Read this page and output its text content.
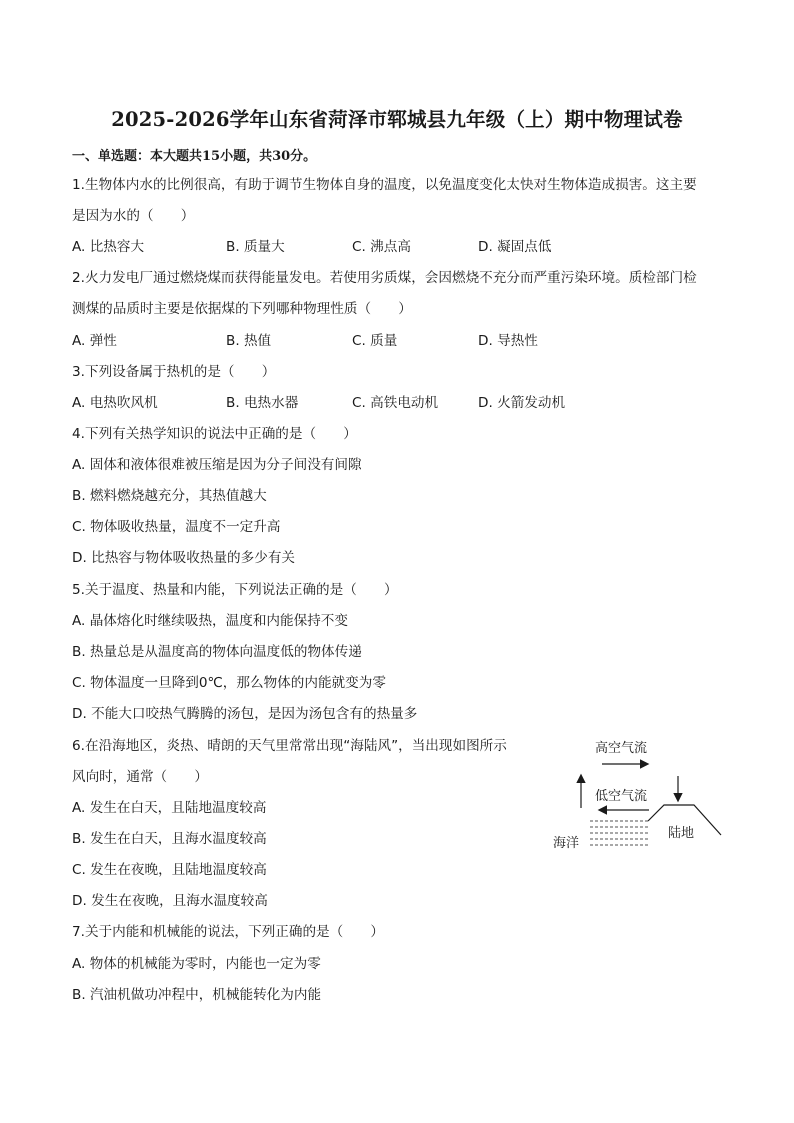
2025-2026学年山东省菏泽市郓城县九年级（上）期中物理试卷
一、单选题：本大题共15小题，共30分。
1.生物体内水的比例很高，有助于调节生物体自身的温度，以免温度变化太快对生物体造成损害。这主要
是因为水的（　　）
A. 比热容大	B. 质量大	C. 沸点高	D. 凝固点低
2.火力发电厂通过燃烧煤而获得能量发电。若使用劣质煤，会因燃烧不充分而严重污染环境。质检部门检
测煤的品质时主要是依据煤的下列哪种物理性质（　　）
A. 弹性	B. 热值	C. 质量	D. 导热性
3.下列设备属于热机的是（　　）
A. 电热吹风机	B. 电热水器	C. 高铁电动机	D. 火箭发动机
4.下列有关热学知识的说法中正确的是（　　）
A. 固体和液体很难被压缩是因为分子间没有间隙
B. 燃料燃烧越充分，其热值越大
C. 物体吸收热量，温度不一定升高
D. 比热容与物体吸收热量的多少有关
5.关于温度、热量和内能，下列说法正确的是（　　）
A. 晶体熔化时继续吸热，温度和内能保持不变
B. 热量总是从温度高的物体向温度低的物体传递
C. 物体温度一旦降到0℃，那么物体的内能就变为零
D. 不能大口咬热气腾腾的汤包，是因为汤包含有的热量多
6.在沿海地区，炎热、晴朗的天气里常常出现“海陆风”，当出现如图所示
风向时，通常（　　）
A. 发生在白天，且陆地温度较高
B. 发生在白天，且海水温度较高
C. 发生在夜晚，且陆地温度较高
D. 发生在夜晚，且海水温度较高
高空气流
低空气流
海洋
陆地
7.关于内能和机械能的说法，下列正确的是（　　）
A. 物体的机械能为零时，内能也一定为零
B. 汽油机做功冲程中，机械能转化为内能
